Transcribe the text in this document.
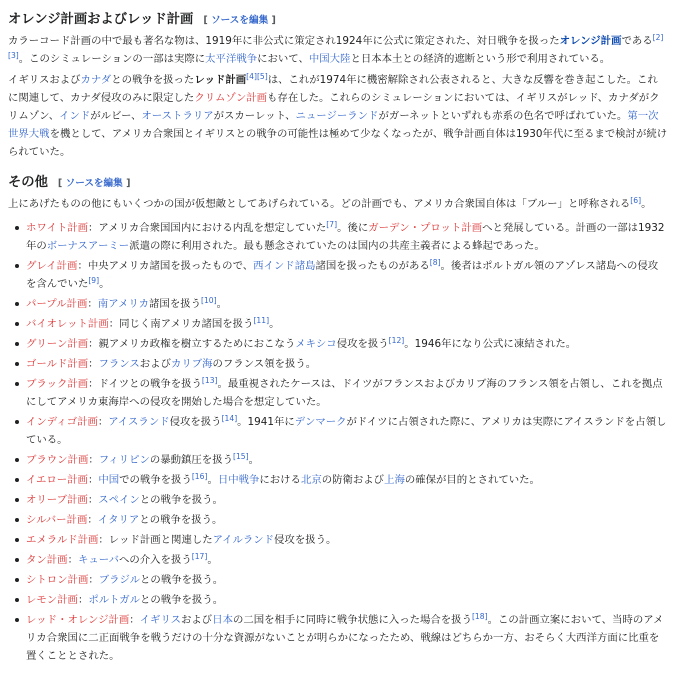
オレンジ計画およびレッド計画 [ ソースを編集 ]

カラーコード計画の中で最も著名な物は、1919年に非公式に策定され1924年に公式に策定された、対日戦争を扱ったオレンジ計画である[2][3]。このシミュレーションの一部は実際に太平洋戦争において、中国大陸と日本本土との経済的遮断という形で利用されている。

イギリスおよびカナダとの戦争を扱ったレッド計画[4][5]は、これが1974年に機密解除され公表されると、大きな反響を巻き起こした。これに関連して、カナダ侵攻のみに限定したクリムゾン計画も存在した。これらのシミュレーションにおいては、イギリスがレッド、カナダがクリムゾン、インドがルビー、オーストラリアがスカーレット、ニュージーランドがガーネットといずれも赤系の色名で呼ばれていた。第一次世界大戦を機として、アメリカ合衆国とイギリスとの戦争の可能性は極めて少なくなったが、戦争計画自体は1930年代に至るまで検討が続けられていた。

その他 [ ソースを編集 ]

上にあげたものの他にもいくつかの国が仮想敵としてあげられている。どの計画でも、アメリカ合衆国自体は「ブルー」と呼称される[6]。

ホワイト計画：アメリカ合衆国国内における内乱を想定していた[7]。後にガーデン・プロット計画へと発展している。計画の一部は1932年のボーナスアーミー派遣の際に利用された。最も懸念されていたのは国内の共産主義者による蜂起であった。
グレイ計画：中央アメリカ諸国を扱ったもので、西インド諸島諸国を扱ったものがある[8]。後者はポルトガル領のアゾレス諸島への侵攻を含んでいた[9]。
パープル計画：南アメリカ諸国を扱う[10]。
バイオレット計画：同じく南アメリカ諸国を扱う[11]。
グリーン計画：親アメリカ政権を樹立するためにおこなうメキシコ侵攻を扱う[12]。1946年になり公式に凍結された。
ゴールド計画：フランスおよびカリブ海のフランス領を扱う。
ブラック計画：ドイツとの戦争を扱う[13]。最重視されたケースは、ドイツがフランスおよびカリブ海のフランス領を占領し、これを拠点にしてアメリカ東海岸への侵攻を開始した場合を想定していた。
インディゴ計画：アイスランド侵攻を扱う[14]。1941年にデンマークがドイツに占領された際に、アメリカは実際にアイスランドを占領している。
ブラウン計画：フィリピンの暴動鎮圧を扱う[15]。
イエロー計画：中国での戦争を扱う[16]。日中戦争における北京の防衛および上海の確保が目的とされていた。
オリーブ計画：スペインとの戦争を扱う。
シルバー計画：イタリアとの戦争を扱う。
エメラルド計画：レッド計画と関連したアイルランド侵攻を扱う。
タン計画：キューバへの介入を扱う[17]。
シトロン計画：ブラジルとの戦争を扱う。
レモン計画：ポルトガルとの戦争を扱う。
レッド・オレンジ計画：イギリスおよび日本の二国を相手に同時に戦争状態に入った場合を扱う[18]。この計画立案において、当時のアメリカ合衆国に二正面戦争を戦うだけの十分な資源がないことが明らかになったため、戦線はどちらか一方、おそらく大西洋方面に比重を置くこととされた。
